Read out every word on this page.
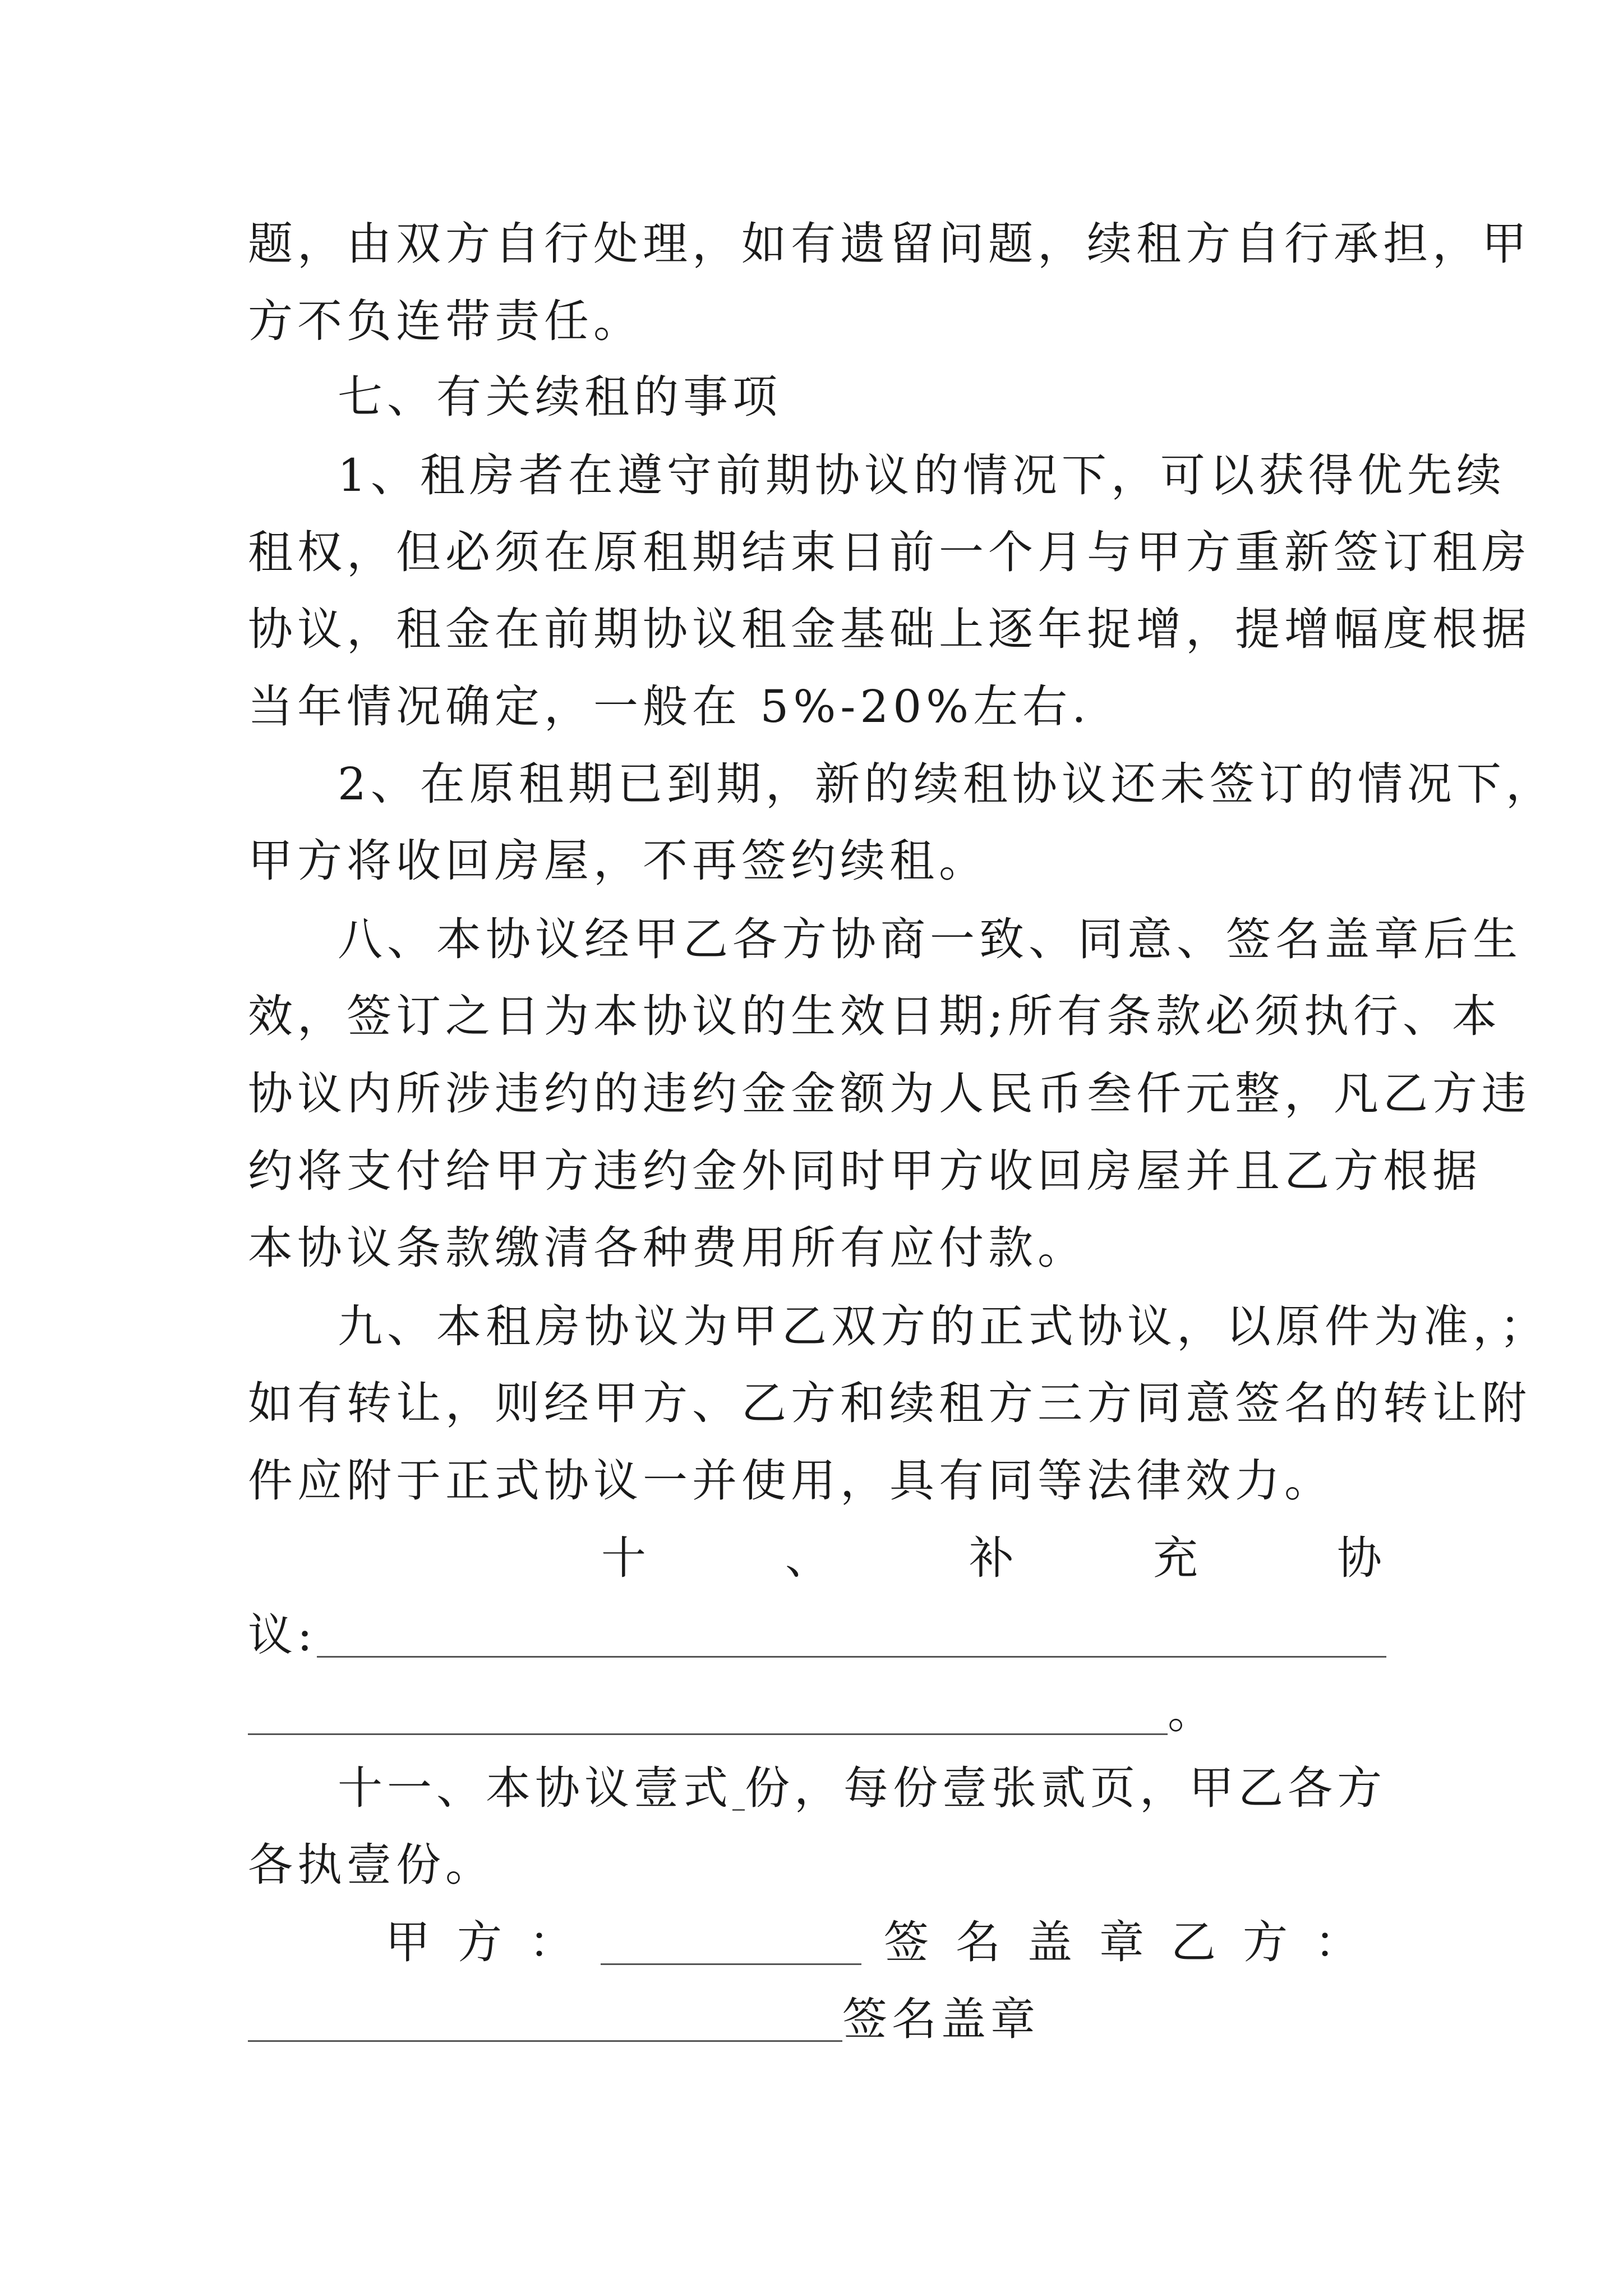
题，由双方自行处理，如有遗留问题，续租方自行承担，甲
方不负连带责任。
七、有关续租的事项
1、租房者在遵守前期协议的情况下，可以获得优先续
租权，但必须在原租期结束日前一个月与甲方重新签订租房
协议，租金在前期协议租金基础上逐年捉增，提增幅度根据
当年情况确定，一般在 5%-20%左右.
2、在原租期已到期，新的续租协议还未签订的情况下，
甲方将收回房屋，不再签约续租。
八、本协议经甲乙各方协商一致、同意、签名盖章后生
效，签订之日为本协议的生效日期;所有条款必须执行、本
协议内所涉违约的违约金金额为人民币叁仟元整，凡乙方违
约将支付给甲方违约金外同时甲方收回房屋并且乙方根据
本协议条款缴清各种费用所有应付款。
九、本租房协议为甲乙双方的正式协议，以原件为准，；
如有转让，则经甲方、乙方和续租方三方同意签名的转让附
件应附于正式协议一并使用，具有同等法律效力。
十	、	补	充	协
议:
。
十一、本协议壹式 份，每份壹张贰页，甲乙各方
各执壹份。
甲方：	签名盖章乙方：
签名盖章
